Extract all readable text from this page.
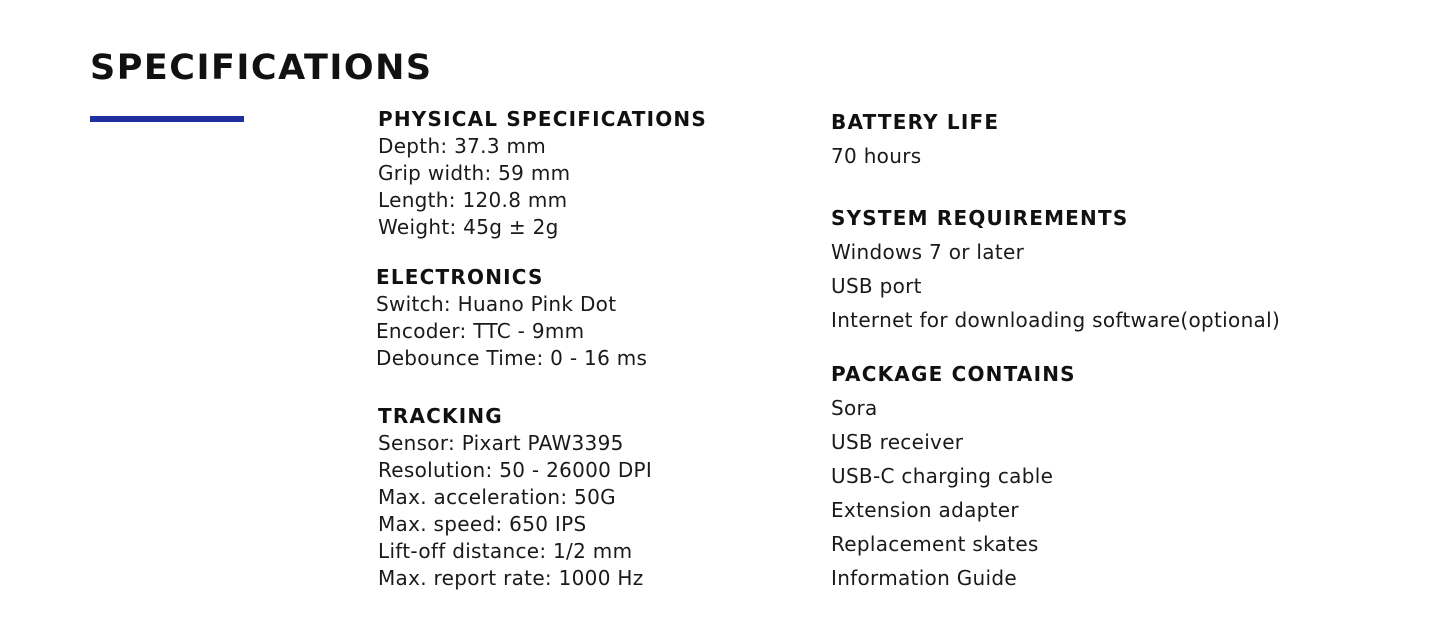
SPECIFICATIONS
PHYSICAL SPECIFICATIONS
Depth: 37.3 mm
Grip width: 59 mm
Length: 120.8 mm
Weight: 45g ± 2g
ELECTRONICS
Switch: Huano Pink Dot
Encoder: TTC - 9mm
Debounce Time: 0 - 16 ms
TRACKING
Sensor: Pixart PAW3395
Resolution: 50 - 26000 DPI
Max. acceleration: 50G
Max. speed: 650 IPS
Lift-off distance: 1/2 mm
Max. report rate: 1000 Hz
BATTERY LIFE
70 hours
SYSTEM REQUIREMENTS
Windows 7 or later
USB port
Internet for downloading software(optional)
PACKAGE CONTAINS
Sora
USB receiver
USB-C charging cable
Extension adapter
Replacement skates
Information Guide
